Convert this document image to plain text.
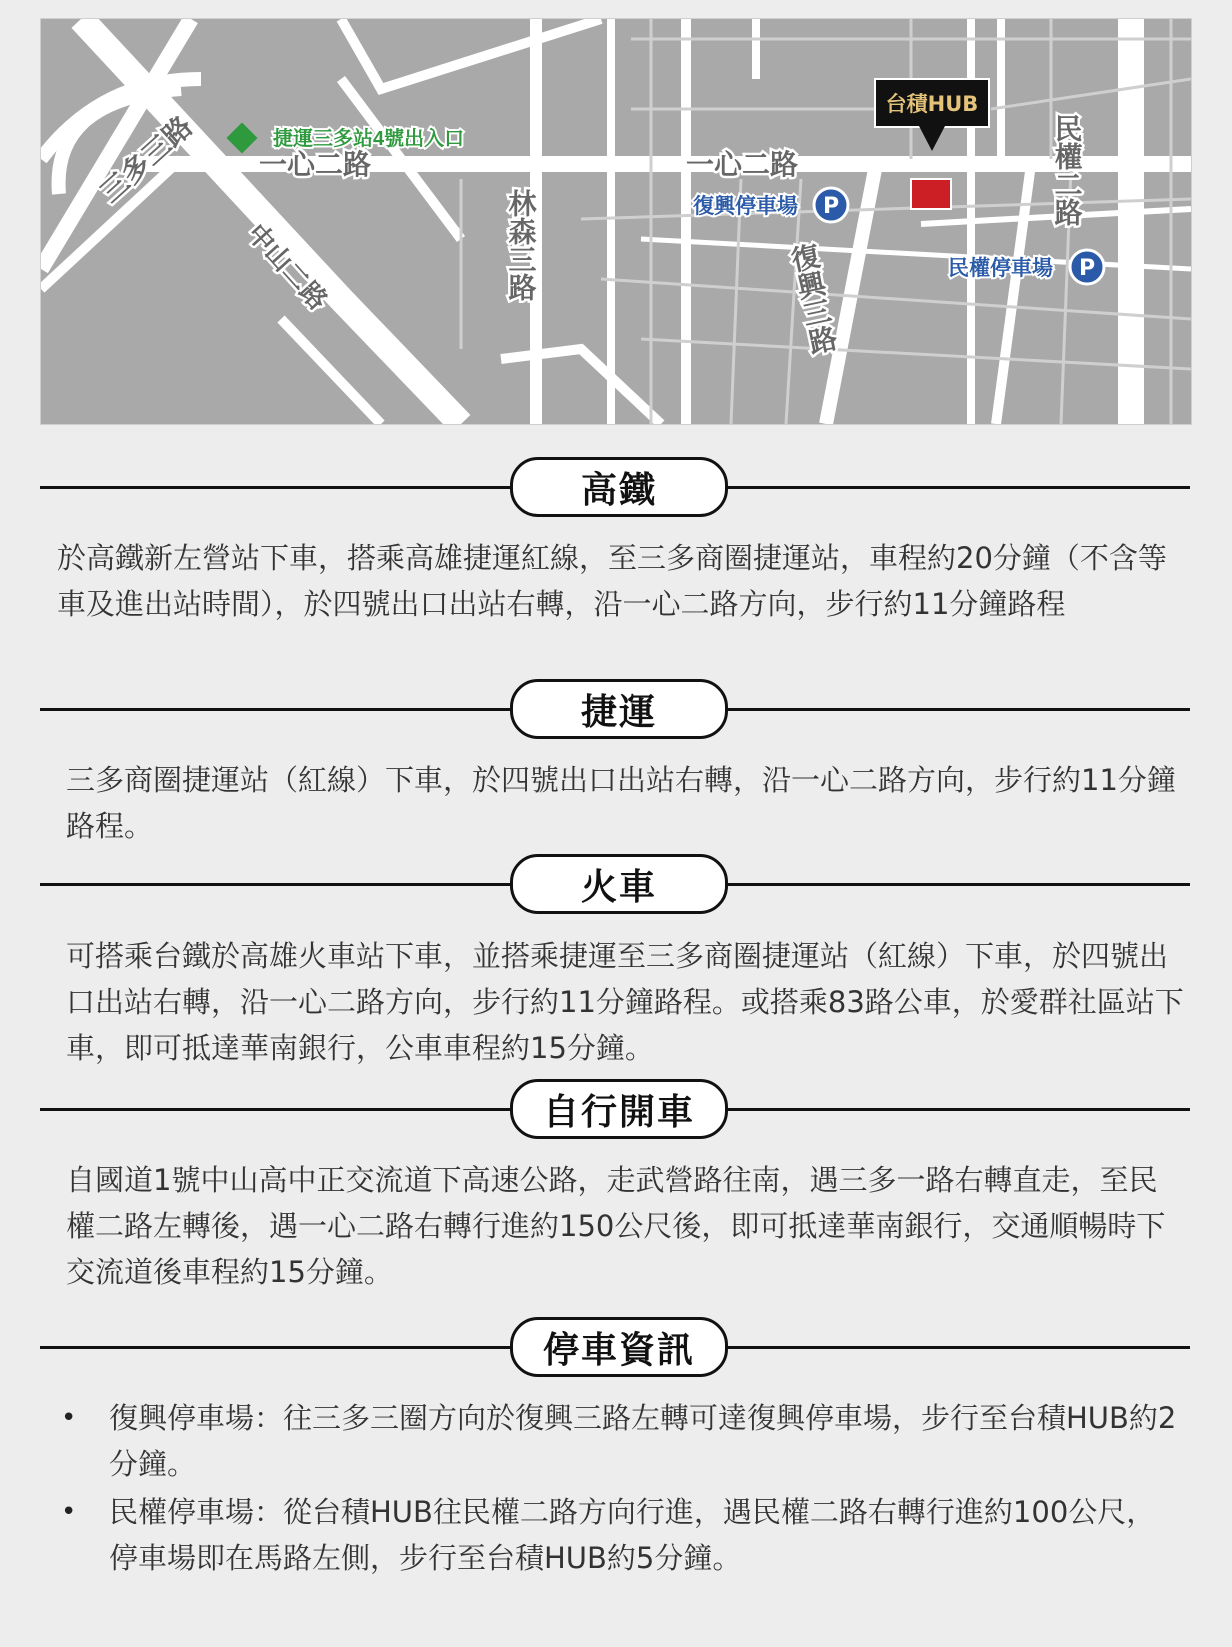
捷運三多站4號出入口
三多三路 一心二路	一心二路
林森三路
中山二路	復興三路
民權二路
復興停車場
民權停車場
P
P
台積HUB
高鐵

於高鐵新左營站下車，搭乘高雄捷運紅線，至三多商圈捷運站，車程約20分鐘（不含等車及進出站時間），於四號出口出站右轉，沿一心二路方向，步行約11分鐘路程

捷運

三多商圈捷運站（紅線）下車，於四號出口出站右轉，沿一心二路方向，步行約11分鐘路程。

火車

可搭乘台鐵於高雄火車站下車，並搭乘捷運至三多商圈捷運站（紅線）下車，於四號出口出站右轉，沿一心二路方向，步行約11分鐘路程。或搭乘83路公車，於愛群社區站下車，即可抵達華南銀行，公車車程約15分鐘。

自行開車

自國道1號中山高中正交流道下高速公路，走武營路往南，遇三多一路右轉直走，至民權二路左轉後，遇一心二路右轉行進約150公尺後，即可抵達華南銀行，交通順暢時下交流道後車程約15分鐘。

停車資訊
• 復興停車場：往三多三圈方向於復興三路左轉可達復興停車場，步行至台積HUB約2分鐘。
• 民權停車場：從台積HUB往民權二路方向行進，遇民權二路右轉行進約100公尺，停車場即在馬路左側，步行至台積HUB約5分鐘。
